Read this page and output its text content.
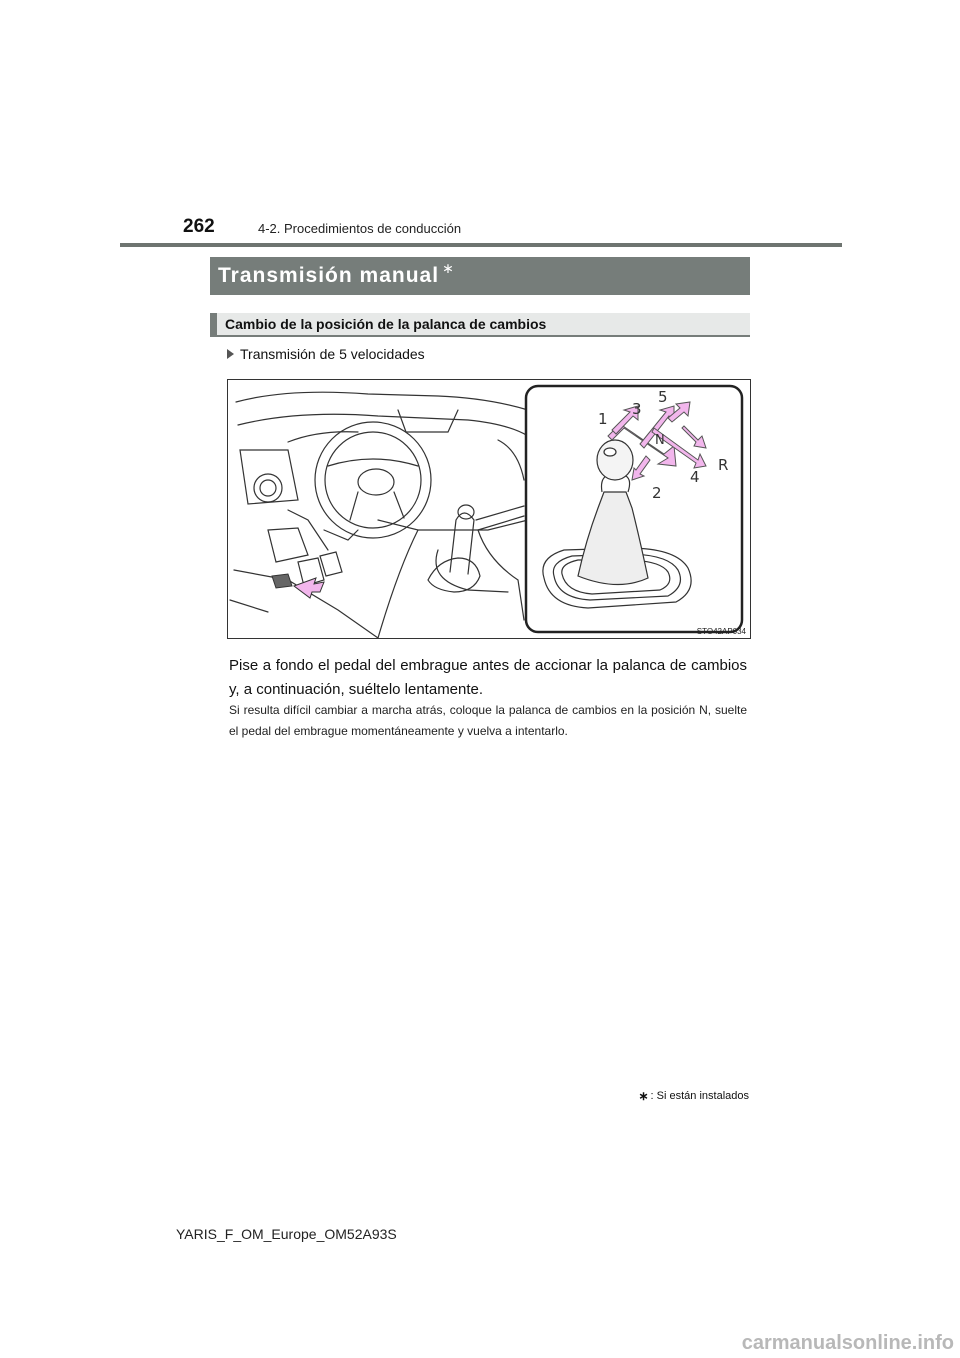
262	4-2. Procedimientos de conducción
Transmisión manual ∗
Cambio de la posición de la palanca de cambios
Transmisión de 5 velocidades
1
2
3
4
5
N
R
STO42AP034
Pise a fondo el pedal del embrague antes de accionar la palanca de cambios y, a continuación, suéltelo lentamente.
Si resulta difícil cambiar a marcha atrás, coloque la palanca de cambios en la posición N, suelte el pedal del embrague momentáneamente y vuelva a intentarlo.
∗ : Si están instalados
YARIS_F_OM_Europe_OM52A93S
carmanualsonline.info
